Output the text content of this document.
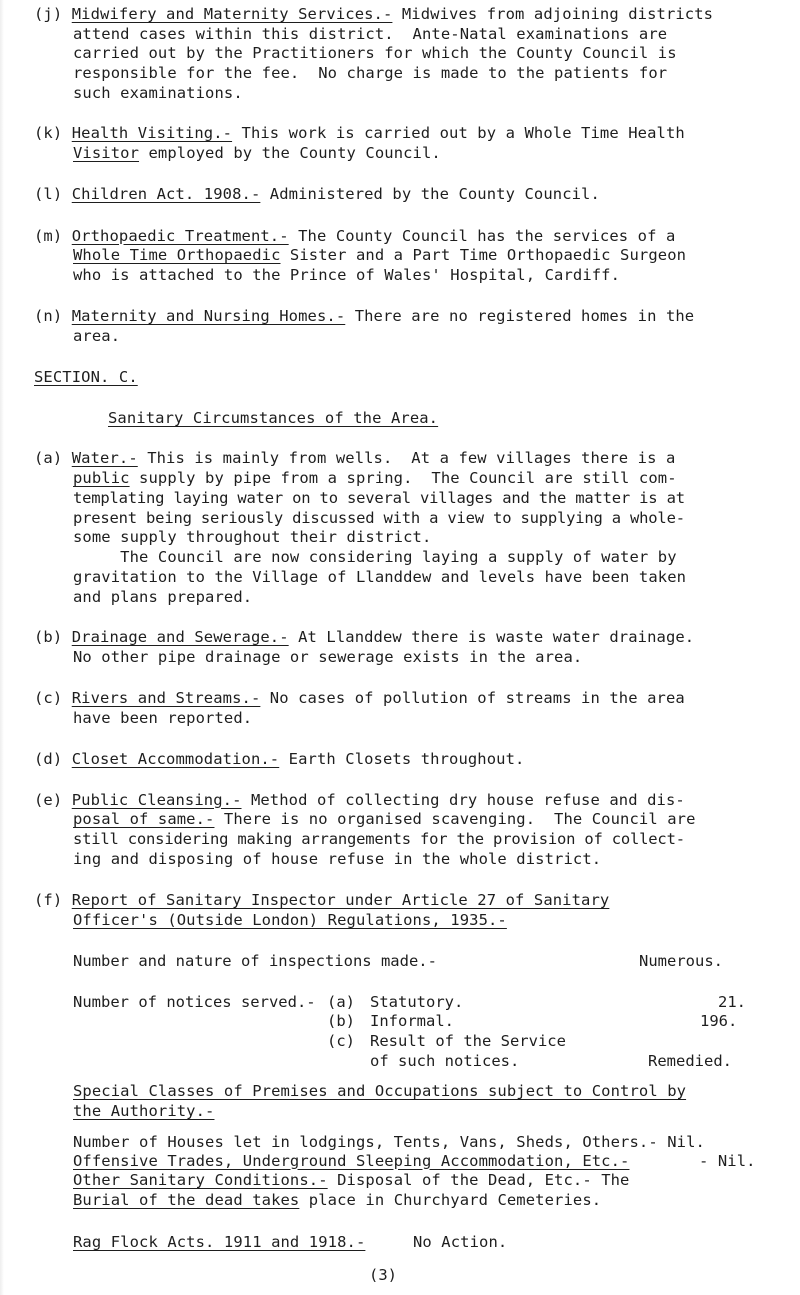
(j) Midwifery and Maternity Services.- Midwives from adjoining districts
attend cases within this district.  Ante-Natal examinations are
carried out by the Practitioners for which the County Council is
responsible for the fee.  No charge is made to the patients for
such examinations.
(k) Health Visiting.- This work is carried out by a Whole Time Health
Visitor employed by the County Council.
(l) Children Act. 1908.- Administered by the County Council.
(m) Orthopaedic Treatment.- The County Council has the services of a
Whole Time Orthopaedic Sister and a Part Time Orthopaedic Surgeon
who is attached to the Prince of Wales' Hospital, Cardiff.
(n) Maternity and Nursing Homes.- There are no registered homes in the
area.
SECTION. C.
Sanitary Circumstances of the Area.
(a) Water.- This is mainly from wells.  At a few villages there is a
public supply by pipe from a spring.  The Council are still com-
templating laying water on to several villages and the matter is at
present being seriously discussed with a view to supplying a whole-
some supply throughout their district.
The Council are now considering laying a supply of water by
gravitation to the Village of Llanddew and levels have been taken
and plans prepared.
(b) Drainage and Sewerage.- At Llanddew there is waste water drainage.
No other pipe drainage or sewerage exists in the area.
(c) Rivers and Streams.- No cases of pollution of streams in the area
have been reported.
(d) Closet Accommodation.- Earth Closets throughout.
(e) Public Cleansing.- Method of collecting dry house refuse and dis-
posal of same.- There is no organised scavenging.  The Council are
still considering making arrangements for the provision of collect-
ing and disposing of house refuse in the whole district.
(f) Report of Sanitary Inspector under Article 27 of Sanitary
Officer's (Outside London) Regulations, 1935.-
Number and nature of inspections made.-	Numerous.
Number of notices served.- (a) Statutory.	21.
(b) Informal.	196.
(c) Result of the Service
of such notices.	Remedied.
Special Classes of Premises and Occupations subject to Control by
the Authority.-
Number of Houses let in lodgings, Tents, Vans, Sheds, Others.- Nil.
Offensive Trades, Underground Sleeping Accommodation, Etc.-	- Nil.
Other Sanitary Conditions.- Disposal of the Dead, Etc.- The
Burial of the dead takes place in Churchyard Cemeteries.
Rag Flock Acts. 1911 and 1918.-	No Action.
(3)
